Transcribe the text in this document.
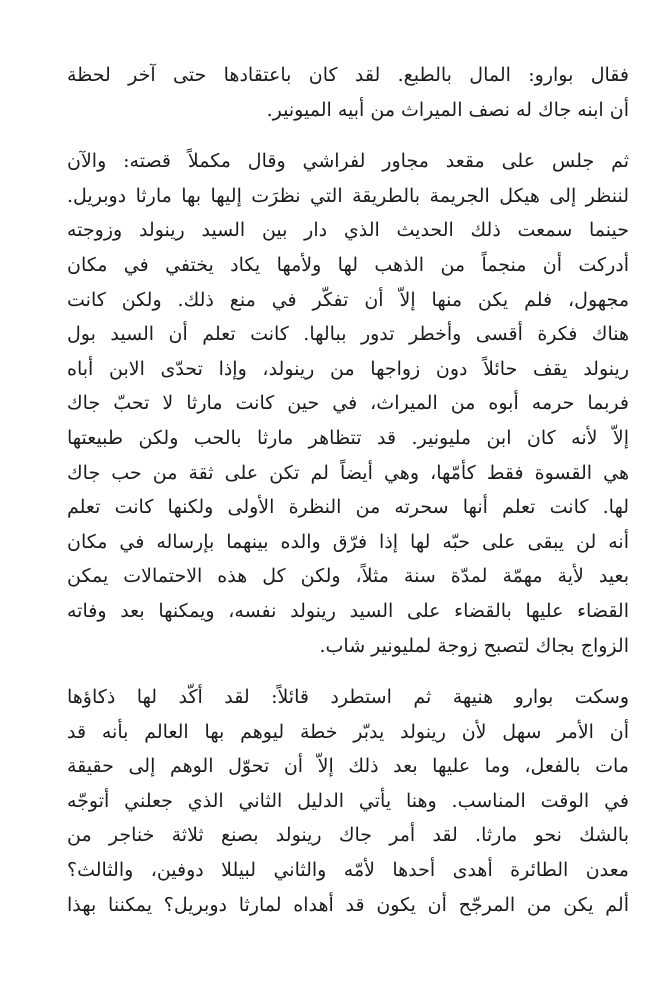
فقال بوارو: المال بالطبع. لقد كان باعتقادها حتى آخر لحظة
أن ابنه جاك له نصف الميراث من أبيه الميونير.

ثم جلس على مقعد مجاور لفراشي وقال مكملاً قصته: والآن
لننظر إلى هيكل الجريمة بالطريقة التي نظرَت إليها بها مارثا دوبريل.
حينما سمعت ذلك الحديث الذي دار بين السيد رينولد وزوجته
أدركت أن منجماً من الذهب لها ولأمها يكاد يختفي في مكان
مجهول، فلم يكن منها إلاّ أن تفكّر في منع ذلك. ولكن كانت
هناك فكرة أقسى وأخطر تدور ببالها. كانت تعلم أن السيد بول
رينولد يقف حائلاً دون زواجها من رينولد، وإذا تحدّى الابن أباه
فربما حرمه أبوه من الميراث، في حين كانت مارثا لا تحبّ جاك
إلاّ لأنه كان ابن مليونير. قد تتظاهر مارثا بالحب ولكن طبيعتها
هي القسوة فقط كأمّها، وهي أيضاً لم تكن على ثقة من حب جاك
لها. كانت تعلم أنها سحرته من النظرة الأولى ولكنها كانت تعلم
أنه لن يبقى على حبّه لها إذا فرّق والده بينهما بإرساله في مكان
بعيد لأية مهمّة لمدّة سنة مثلاً، ولكن كل هذه الاحتمالات يمكن
القضاء عليها بالقضاء على السيد رينولد نفسه، ويمكنها بعد وفاته
الزواج بجاك لتصبح زوجة لمليونير شاب.

وسكت بوارو هنيهة ثم استطرد قائلاً: لقد أكّد لها ذكاؤها
أن الأمر سهل لأن رينولد يدبّر خطة ليوهم بها العالم بأنه قد
مات بالفعل، وما عليها بعد ذلك إلاّ أن تحوّل الوهم إلى حقيقة
في الوقت المناسب. وهنا يأتي الدليل الثاني الذي جعلني أتوجّه
بالشك نحو مارثا. لقد أمر جاك رينولد بصنع ثلاثة خناجر من
معدن الطائرة أهدى أحدها لأمّه والثاني لبيللا دوفين، والثالث؟
ألم يكن من المرجّح أن يكون قد أهداه لمارثا دوبريل؟ يمكننا بهذا
